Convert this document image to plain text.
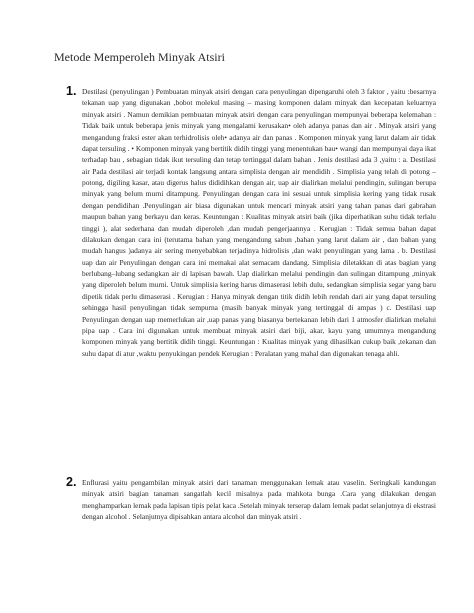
Metode Memperoleh Minyak Atsiri
1. Destilasi (penyulingan ) Pembuatan minyak atsiri dengan cara penyulingan dipengaruhi oleh 3 faktor , yaitu :besarnya tekanan uap yang digunakan ,bobot molekul masing – masing komponen dalam minyak dan kecepatan keluarnya minyak atsiri . Namun demikian pembuatan minyak atsiri dengan cara penyulingan mempunyai beberapa kelemahan : Tidak baik untuk beberapa jenis minyak yang mengalami kerusakan• oleh adanya panas dan air . Minyak atsiri yang mengandung fraksi ester akan terhidrolisis oleh• adanya air dan panas . Komponen minyak yang larut dalam air tidak dapat tersuling . • Komponen minyak yang bertitik didih tinggi yang menentukan bau• wangi dan mempunyai daya ikat terhadap bau , sebagian tidak ikut tersuling dan tetap tertinggal dalam bahan . Jenis destilasi ada 3 ,yaitu : a. Destilasi air Pada destilasi air terjadi kontak langsung antara simplisia dengan air mendidih . Simplisia yang telah di potong – potong, digiling kasar, atau digerus halus dididihkan dengan air, uap air dialirkan melalui pendingin, sulingan berupa minyak yang belum murni ditampung. Penyulingan dengan cara ini sesuai untuk simplisia kering yang tidak rusak dengan pendidihan .Penyulingan air biasa digunakan untuk mencari minyak atsiri yang tahan panas dari gabrahan maupun bahan yang berkayu dan keras. Keuntungan : Kualitas minyak atsiri baik (jika diperhatikan suhu tidak terlalu tinggi ), alat sederhana dan mudah diperoleh ,dan mudah pengerjaannya . Kerugian : Tidak semua bahan dapat dilakukan dengan cara ini (terutama bahan yang mengandung sabun ,bahan yang larut dalam air , dan bahan yang mudah hangus )adanya air sering menyebabkan terjadinya hidrolisis ,dan wakt penyulingan yang lama . b. Destilasi uap dan air Penyulingan dengan cara ini memakai alat semacam dandang. Simplisia diletakkan di atas bagian yang berlubang–lubang sedangkan air di lapisan bawah. Uap dialirkan melalui pendingin dan sulingan ditampung ,minyak yang diperoleh belum murni. Untuk simplisia kering harus dimaserasi lebih dulu, sedangkan simplisia segar yang baru dipetik tidak perlu dimaserasi . Kerugian : Hanya minyak dengan titik didih lebih rendah dari air yang dapat tersuling sehingga hasil penyulingan tidak sempurna (masih banyak minyak yang tertinggal di ampas ) c. Destilasi uap Penyulingan dengan uap memerlukan air ,uap panas yang biasanya bertekanan lebih dari 1 atmosfer dialirkan melalui pipa uap . Cara ini digunakan untuk membuat minyak atsiri dari biji, akar, kayu yang umumnya mengandung komponen minyak yang bertitik didih tinggi. Keuntungan : Kualitas minyak yang dihasilkan cukup baik ,tekanan dan suhu dapat di atur ,waktu penyukingan pendek Kerugian : Peralatan yang mahal dan digunakan tenaga ahli.
2. Enflurasi yaitu pengambilan minyak atsiri dari tanaman menggunakan lemak atau vaselin. Seringkali kandungan minyak atsiri bagian tanaman sangatlah kecil misalnya pada mahkota bunga .Cara yang dilakukan dengan menghamparkan lemak pada lapisan tipis pelat kaca .Setelah minyak terserap dalam lemak padat selanjutnya di ekstrasi dengan alcohol . Selanjutnya dipisahkan antara alcohol dan minyak atsiri .
